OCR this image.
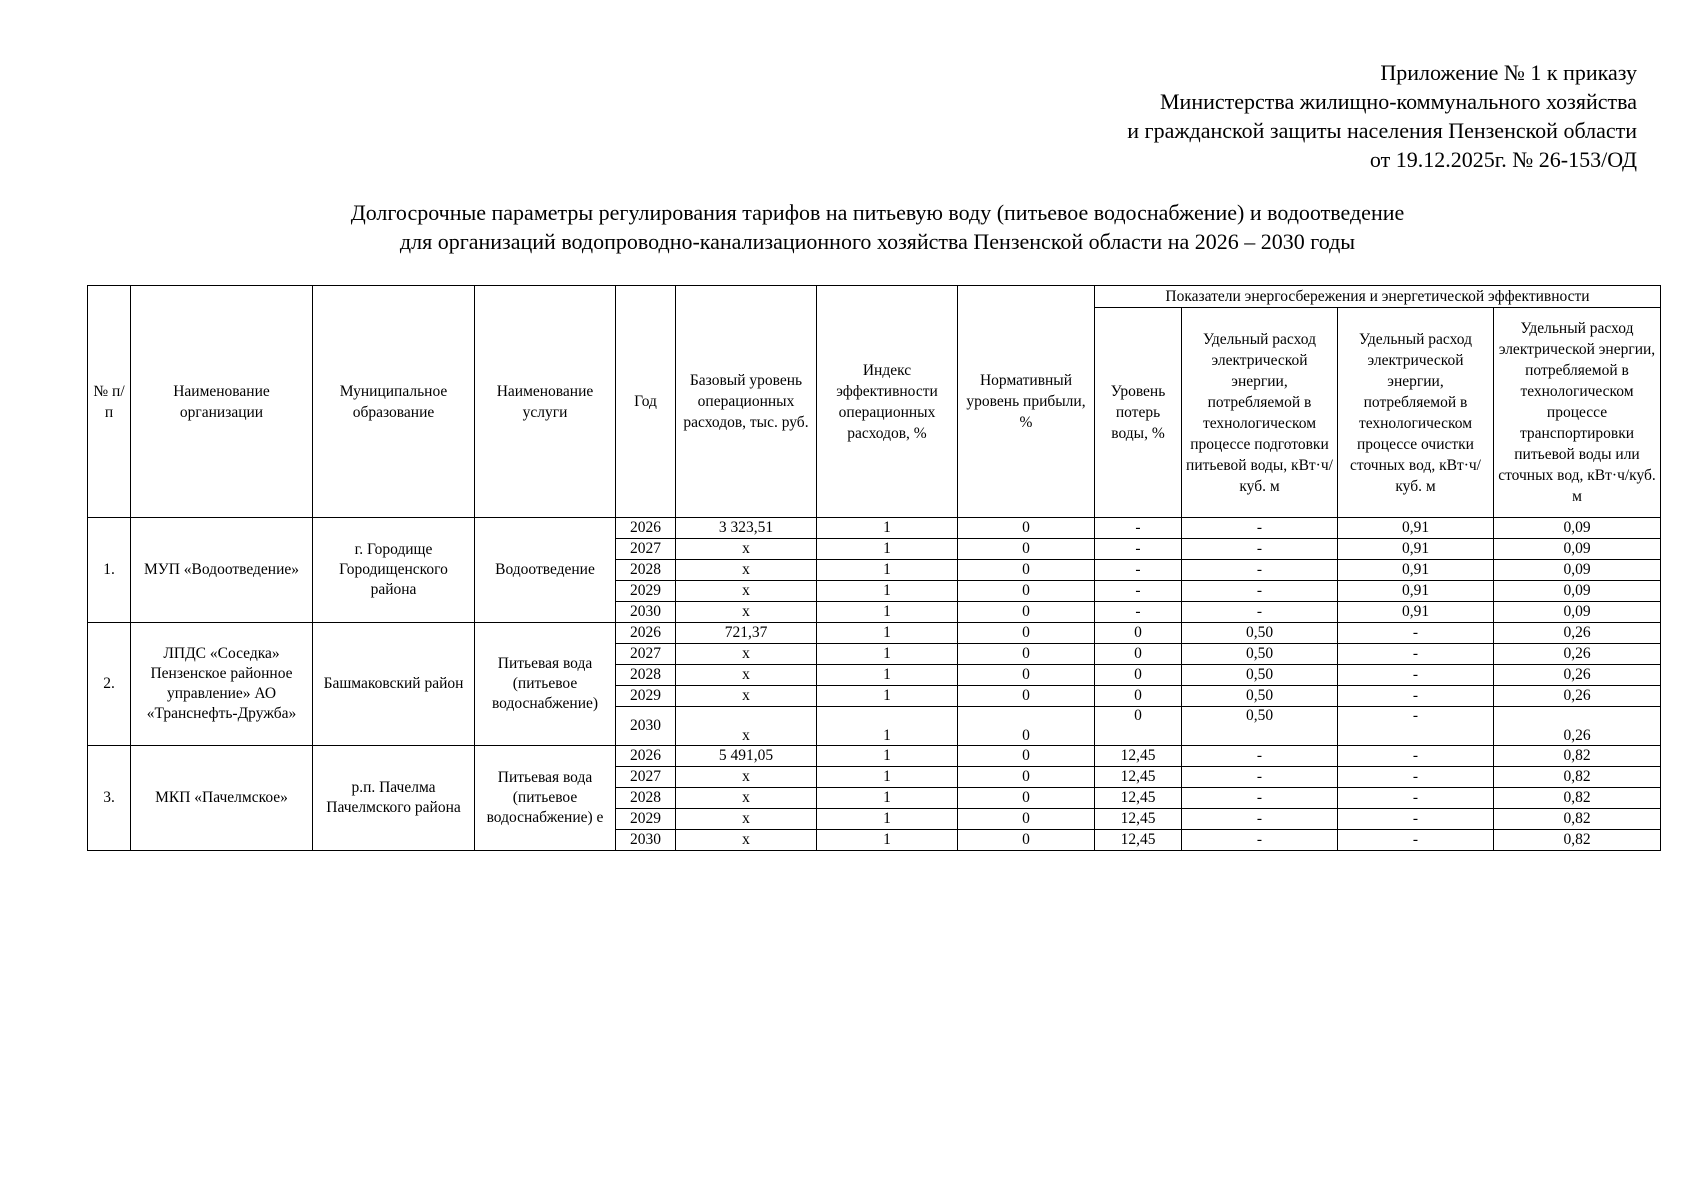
Приложение № 1 к приказу
Министерства жилищно-коммунального хозяйства
и гражданской защиты населения Пензенской области
от 19.12.2025г. № 26-153/ОД
Долгосрочные параметры регулирования тарифов на питьевую воду (питьевое водоснабжение) и водоотведение
для организаций водопроводно-канализационного хозяйства Пензенской области на 2026 – 2030 годы
№ п/п	Наименование организации	Муниципальное образование	Наименование услуги	Год	Базовый уровень операционных расходов, тыс. руб.	Индекс эффективности операционных расходов, %	Нормативный уровень прибыли, %	Показатели энергосбережения и энергетической эффективности			
								Уровень потерь воды, %	Удельный расход электрической энергии, потребляемой в технологическом процессе подготовки питьевой воды, кВт·ч/куб. м	Удельный расход электрической энергии, потребляемой в технологическом процессе очистки сточных вод, кВт·ч/куб. м	Удельный расход электрической энергии, потребляемой в технологическом процессе транспортировки питьевой воды или сточных вод, кВт·ч/куб. м
1.	МУП «Водоотведение»	г. Городище Городищенского района	Водоотведение	2026	3 323,51	1	0	-	-	0,91	0,09
				2027	х	1	0	-	-	0,91	0,09
				2028	х	1	0	-	-	0,91	0,09
				2029	х	1	0	-	-	0,91	0,09
				2030	х	1	0	-	-	0,91	0,09
2.	ЛПДС «Соседка» Пензенское районное управление» АО «Транснефть-Дружба»	Башмаковский район	Питьевая вода (питьевое водоснабжение)	2026	721,37	1	0	0	0,50	-	0,26
				2027	х	1	0	0	0,50	-	0,26
				2028	х	1	0	0	0,50	-	0,26
				2029	х	1	0	0	0,50	-	0,26
				2030	х	1	0	0	0,50	-	0,26
3.	МКП «Пачелмское»	р.п. Пачелма Пачелмского района	Питьевая вода (питьевое водоснабжение) е	2026	5 491,05	1	0	12,45	-	-	0,82
				2027	х	1	0	12,45	-	-	0,82
				2028	х	1	0	12,45	-	-	0,82
				2029	х	1	0	12,45	-	-	0,82
				2030	х	1	0	12,45	-	-	0,82
